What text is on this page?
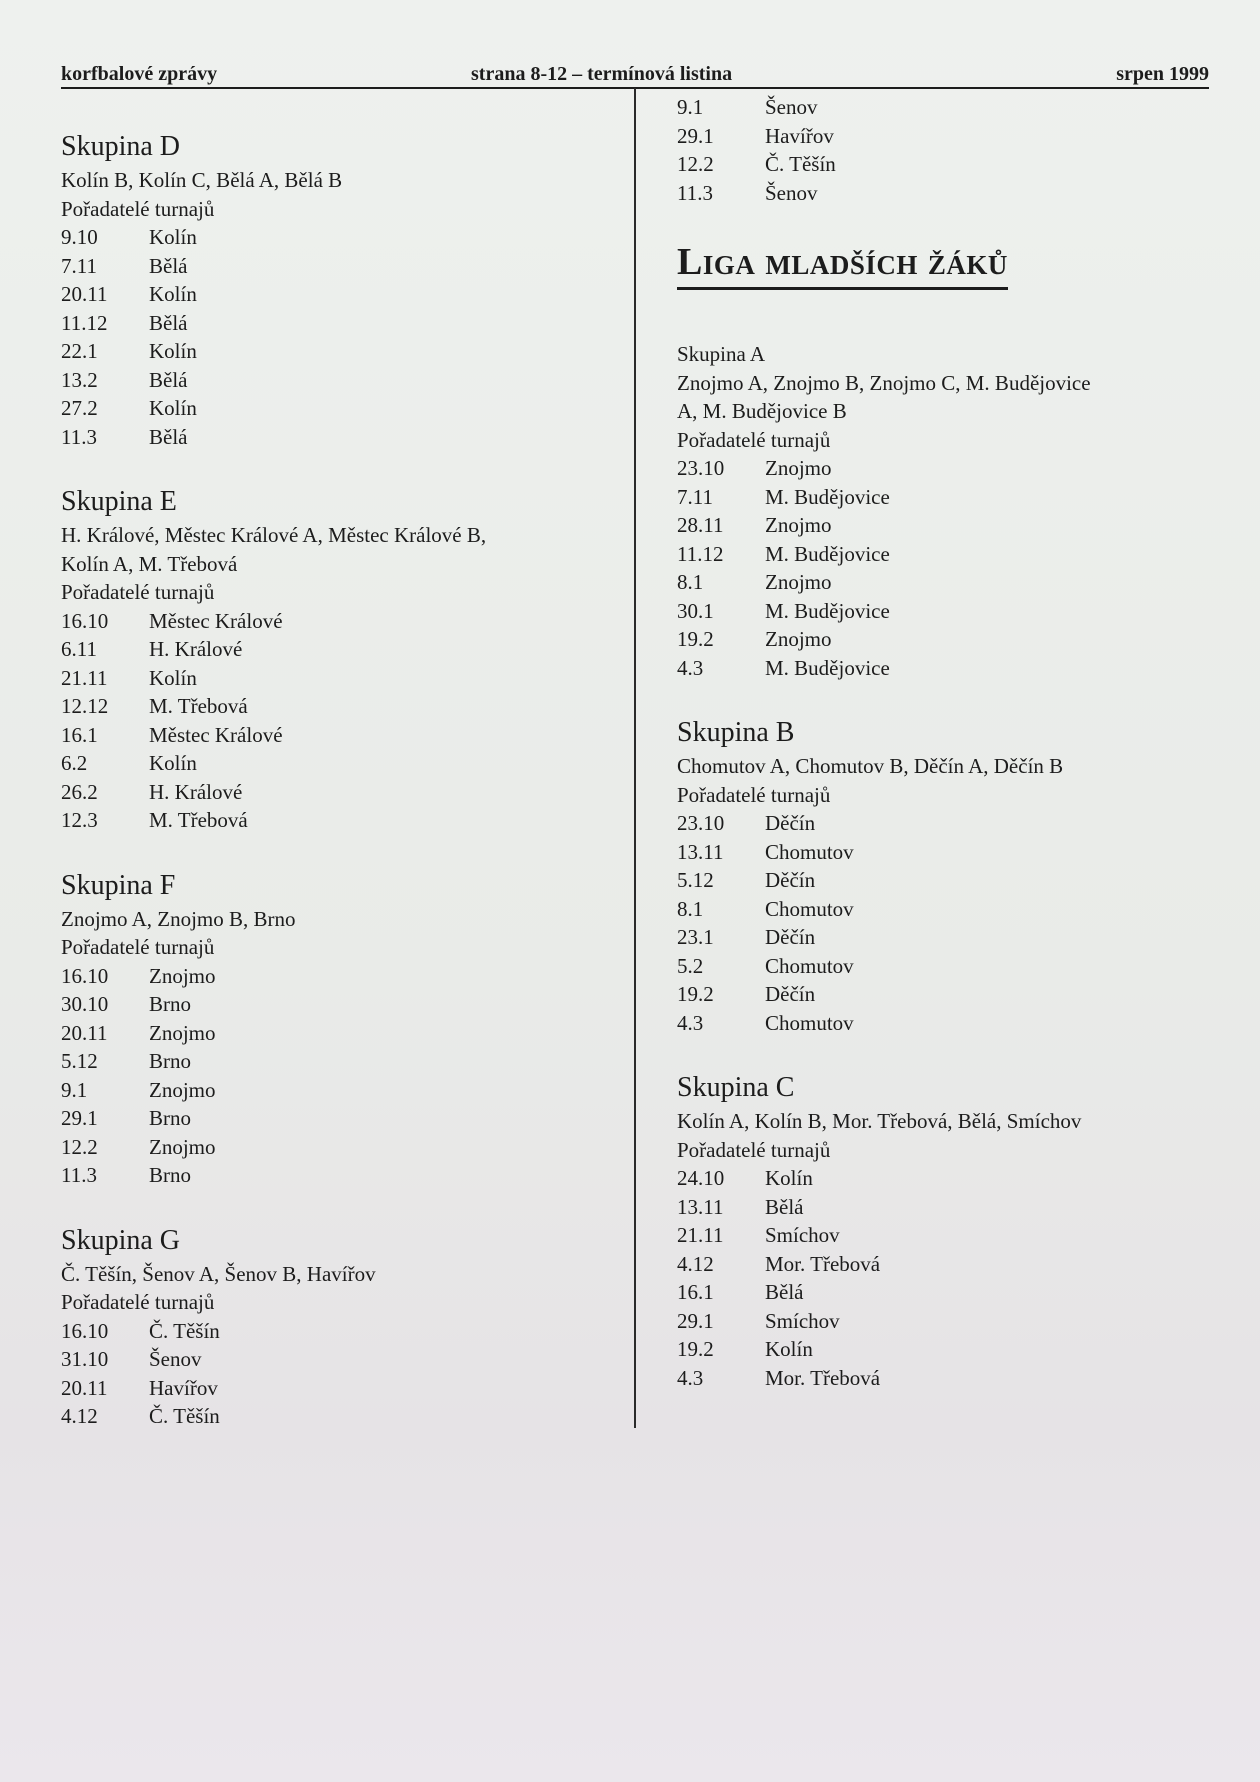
korfbalové zprávy	strana 8-12 – termínová listina	srpen 1999
Skupina D
Kolín B, Kolín C, Bělá A, Bělá B
Pořadatelé turnajů
9.10	Kolín
7.11	Bělá
20.11	Kolín
11.12	Bělá
22.1	Kolín
13.2	Bělá
27.2	Kolín
11.3	Bělá
Skupina E
H. Králové, Městec Králové A, Městec Králové B,
Kolín A, M. Třebová
Pořadatelé turnajů
16.10	Městec Králové
6.11	H. Králové
21.11	Kolín
12.12	M. Třebová
16.1	Městec Králové
6.2	Kolín
26.2	H. Králové
12.3	M. Třebová
Skupina F
Znojmo A, Znojmo B, Brno
Pořadatelé turnajů
16.10	Znojmo
30.10	Brno
20.11	Znojmo
5.12	Brno
9.1	Znojmo
29.1	Brno
12.2	Znojmo
11.3	Brno
Skupina G
Č. Těšín, Šenov A, Šenov B, Havířov
Pořadatelé turnajů
16.10	Č. Těšín
31.10	Šenov
20.11	Havířov
4.12	Č. Těšín
9.1	Šenov
29.1	Havířov
12.2	Č. Těšín
11.3	Šenov
Liga mladších žáků
Skupina A
Znojmo A, Znojmo B, Znojmo C, M. Budějovice
A, M. Budějovice B
Pořadatelé turnajů
23.10	Znojmo
7.11	M. Budějovice
28.11	Znojmo
11.12	M. Budějovice
8.1	Znojmo
30.1	M. Budějovice
19.2	Znojmo
4.3	M. Budějovice
Skupina B
Chomutov A, Chomutov B, Děčín A, Děčín B
Pořadatelé turnajů
23.10	Děčín
13.11	Chomutov
5.12	Děčín
8.1	Chomutov
23.1	Děčín
5.2	Chomutov
19.2	Děčín
4.3	Chomutov
Skupina C
Kolín A, Kolín B, Mor. Třebová, Bělá, Smíchov
Pořadatelé turnajů
24.10	Kolín
13.11	Bělá
21.11	Smíchov
4.12	Mor. Třebová
16.1	Bělá
29.1	Smíchov
19.2	Kolín
4.3	Mor. Třebová
